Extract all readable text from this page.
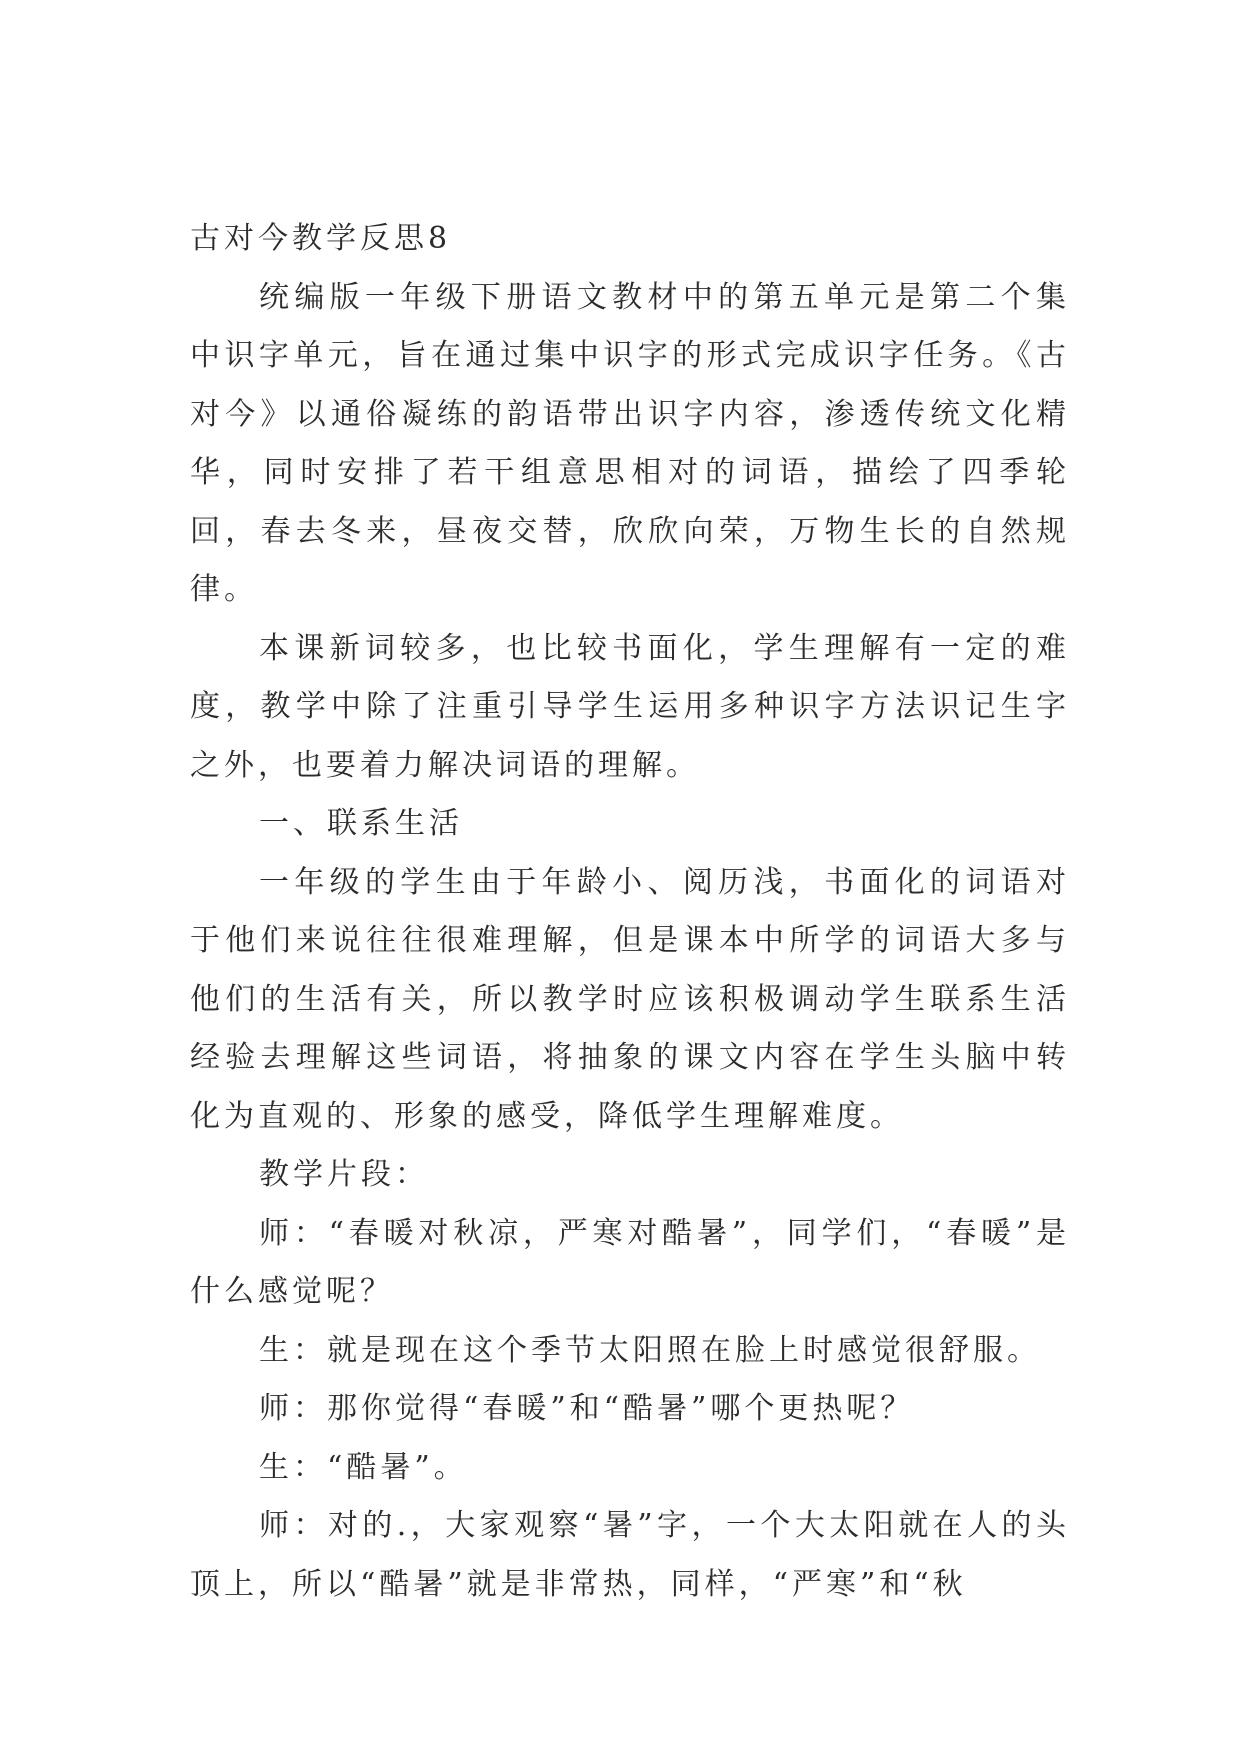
古对今教学反思8

统编版一年级下册语文教材中的第五单元是第二个集中识字单元，旨在通过集中识字的形式完成识字任务。《古对今》以通俗凝练的韵语带出识字内容，渗透传统文化精华，同时安排了若干组意思相对的词语，描绘了四季轮回，春去冬来，昼夜交替，欣欣向荣，万物生长的自然规律。

本课新词较多，也比较书面化，学生理解有一定的难度，教学中除了注重引导学生运用多种识字方法识记生字之外，也要着力解决词语的理解。

一、联系生活

一年级的学生由于年龄小、阅历浅，书面化的词语对于他们来说往往很难理解，但是课本中所学的词语大多与他们的生活有关，所以教学时应该积极调动学生联系生活经验去理解这些词语，将抽象的课文内容在学生头脑中转化为直观的、形象的感受，降低学生理解难度。

教学片段：

师：“春暖对秋凉，严寒对酷暑”，同学们，“春暖”是什么感觉呢？

生：就是现在这个季节太阳照在脸上时感觉很舒服。

师：那你觉得“春暖”和“酷暑”哪个更热呢？

生：“酷暑”。

师：对的.，大家观察“暑”字，一个大太阳就在人的头顶上，所以“酷暑”就是非常热，同样，“严寒”和“秋
